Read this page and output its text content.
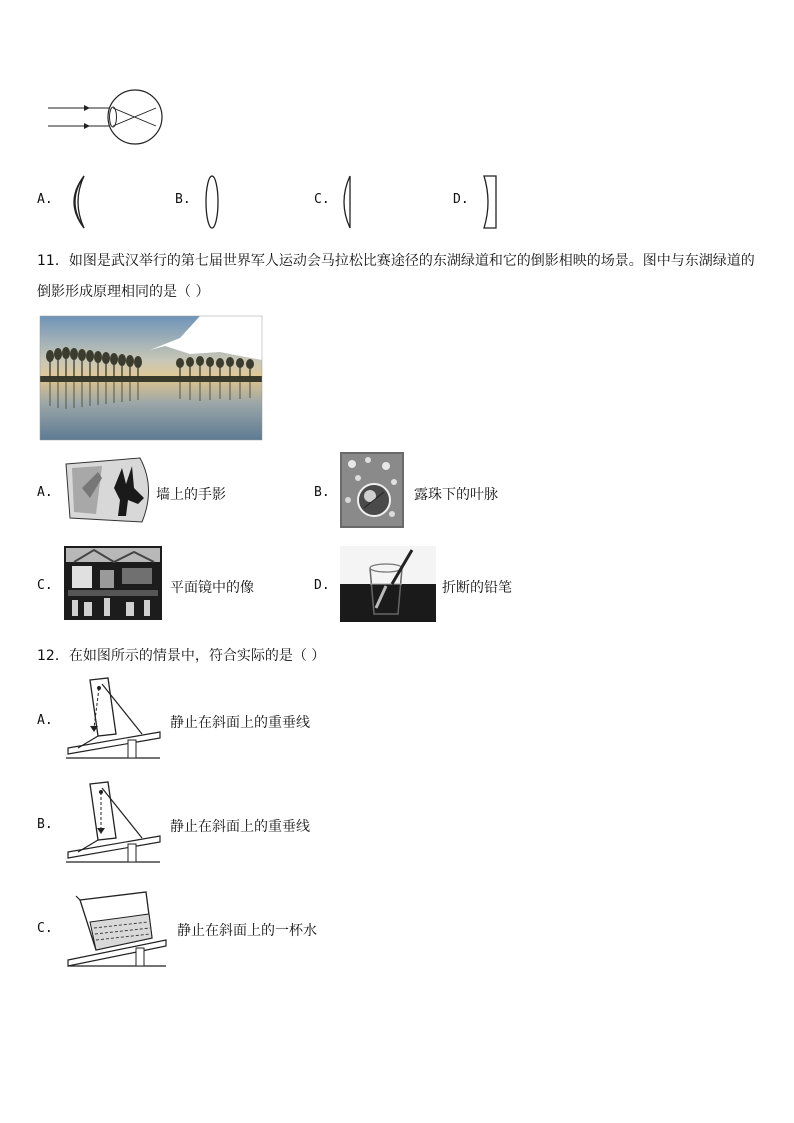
A.	B.	C.	D.
11．如图是武汉举行的第七届世界军人运动会马拉松比赛途径的东湖绿道和它的倒影相映的场景。图中与东湖绿道的
倒影形成原理相同的是（ ）
A.	墙上的手影	B.	露珠下的叶脉
C.	平面镜中的像	D.	折断的铅笔
12．在如图所示的情景中，符合实际的是（ ）
A.	静止在斜面上的重垂线
B.	静止在斜面上的重垂线
C.	静止在斜面上的一杯水
